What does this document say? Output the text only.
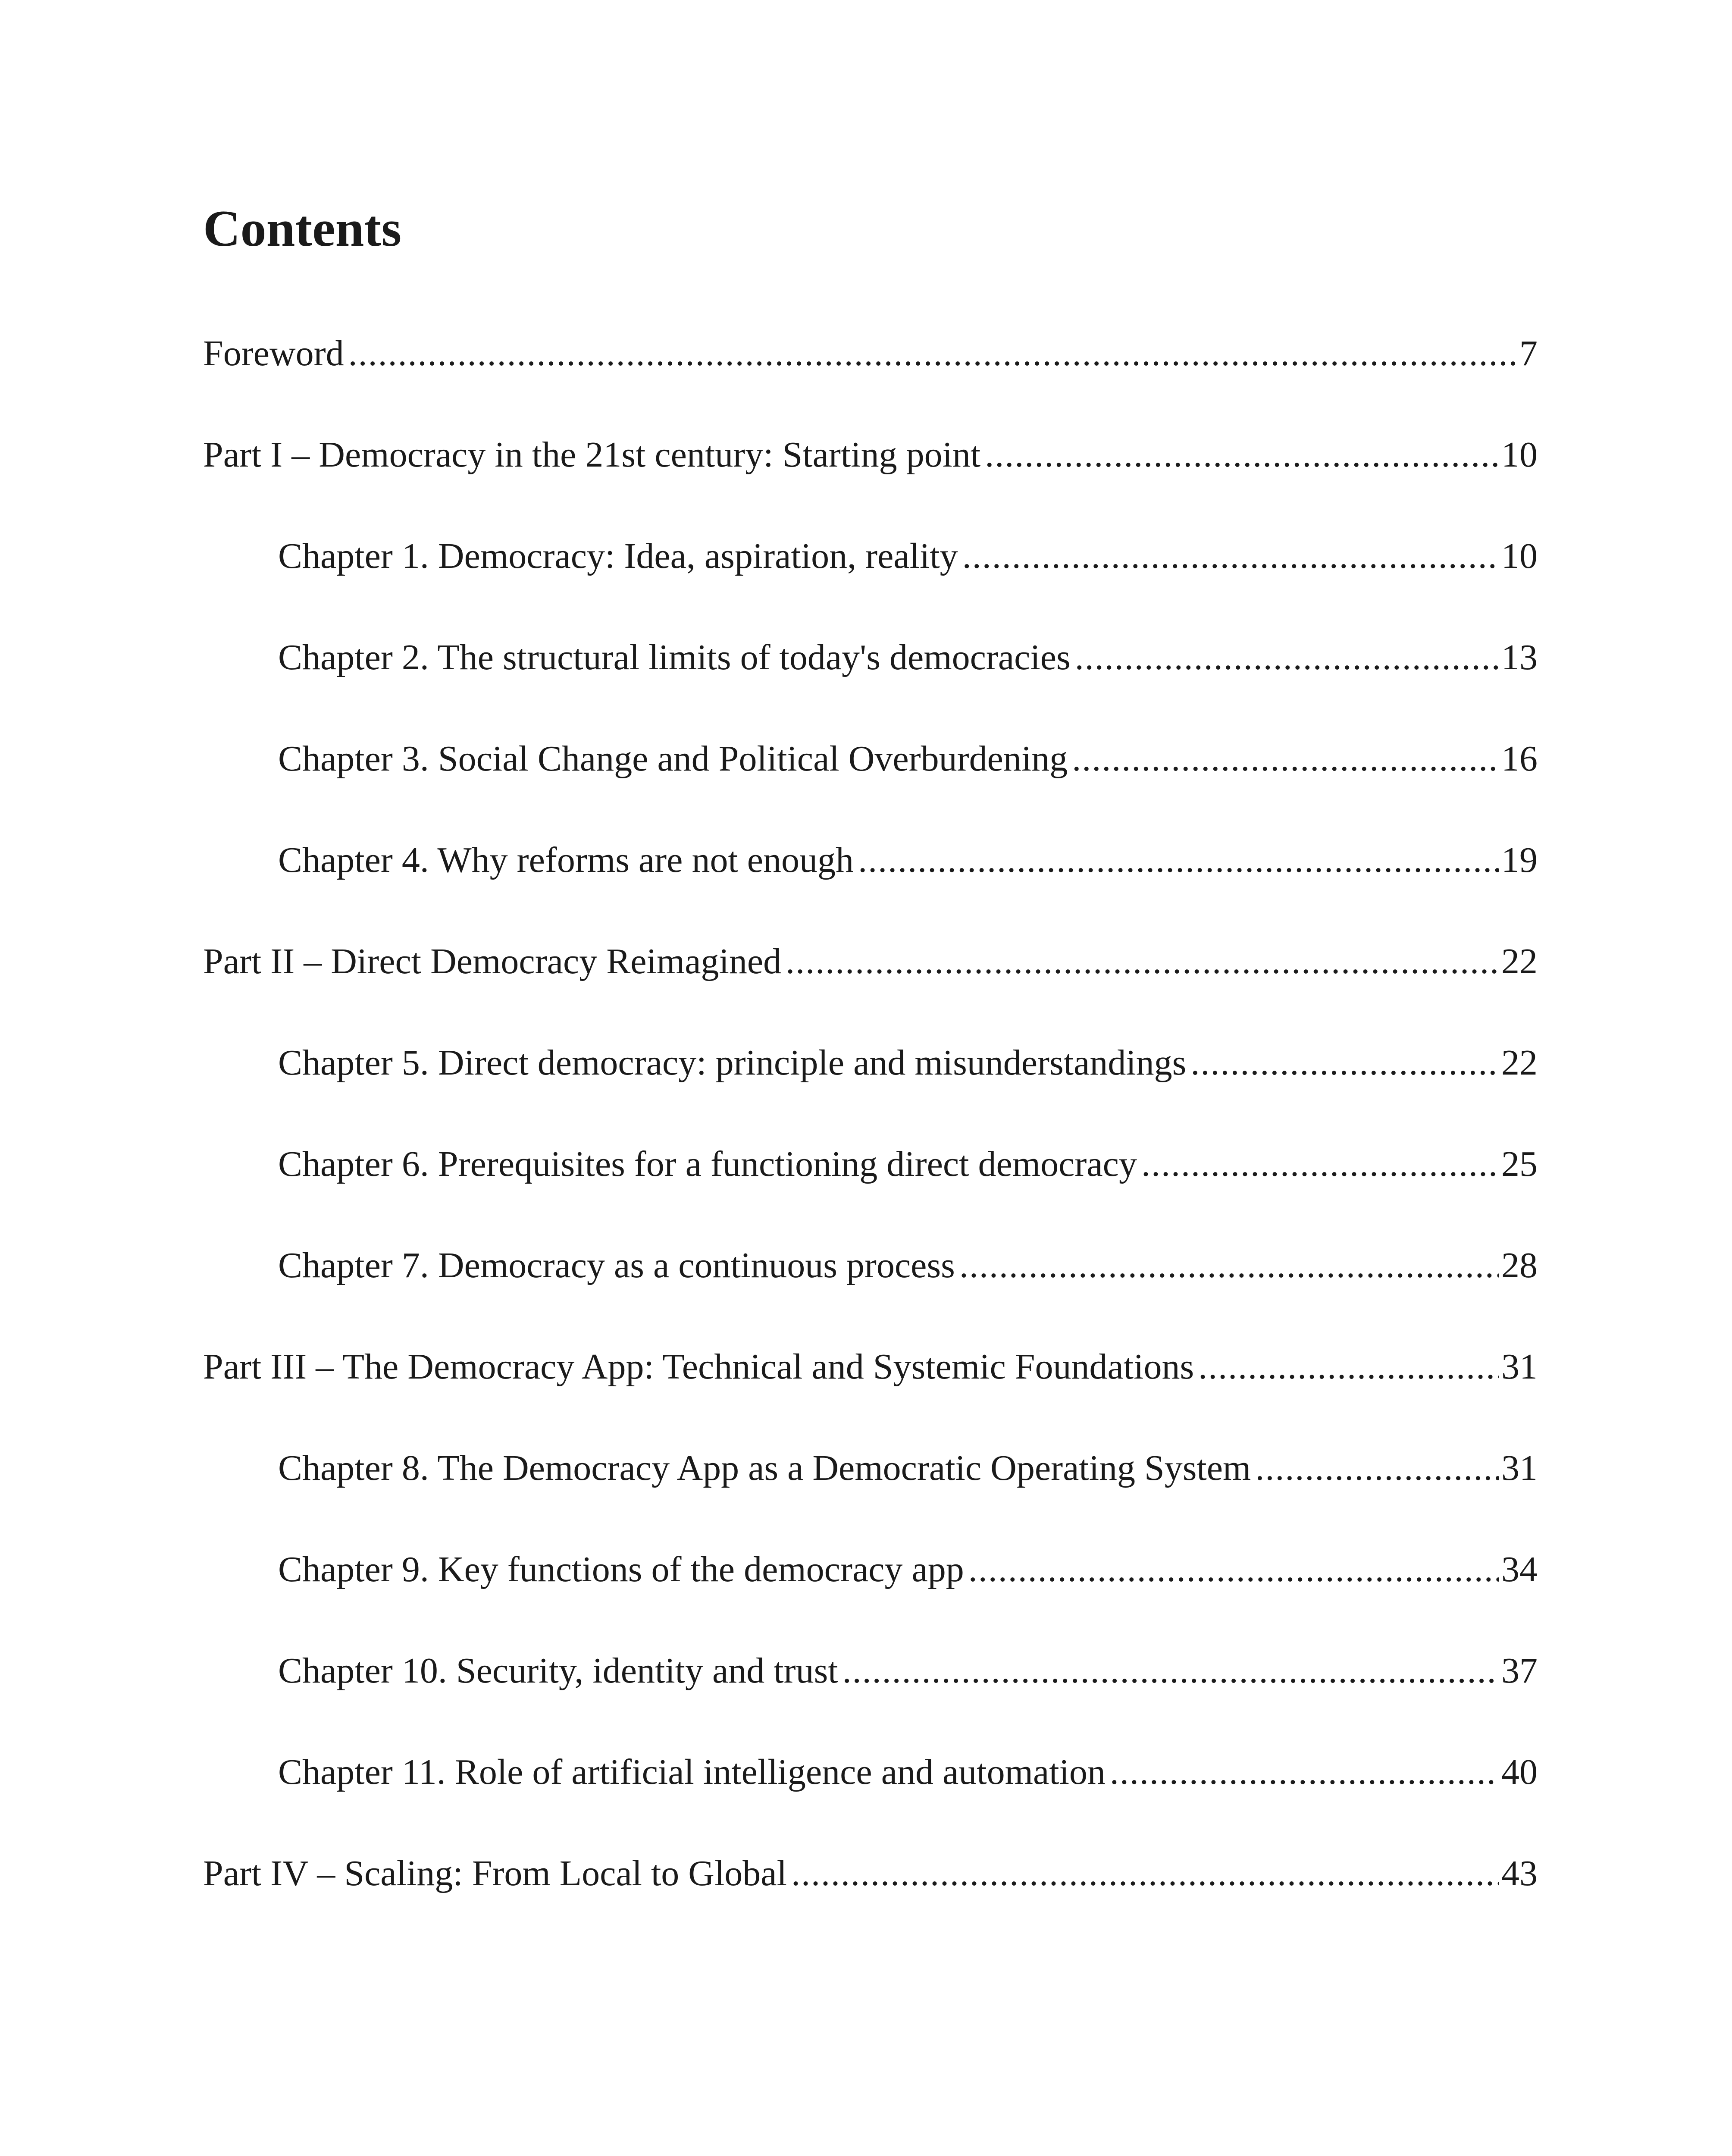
Contents
Foreword .....	7
Part I – Democracy in the 21st century: Starting point .....	10
Chapter 1. Democracy: Idea, aspiration, reality .....	10
Chapter 2. The structural limits of today's democracies .....	13
Chapter 3. Social Change and Political Overburdening .....	16
Chapter 4. Why reforms are not enough .....	19
Part II – Direct Democracy Reimagined .....	22
Chapter 5. Direct democracy: principle and misunderstandings .....	22
Chapter 6. Prerequisites for a functioning direct democracy .....	25
Chapter 7. Democracy as a continuous process .....	28
Part III – The Democracy App: Technical and Systemic Foundations .....	31
Chapter 8. The Democracy App as a Democratic Operating System .....	31
Chapter 9. Key functions of the democracy app .....	34
Chapter 10. Security, identity and trust .....	37
Chapter 11. Role of artificial intelligence and automation .....	40
Part IV – Scaling: From Local to Global .....	43
